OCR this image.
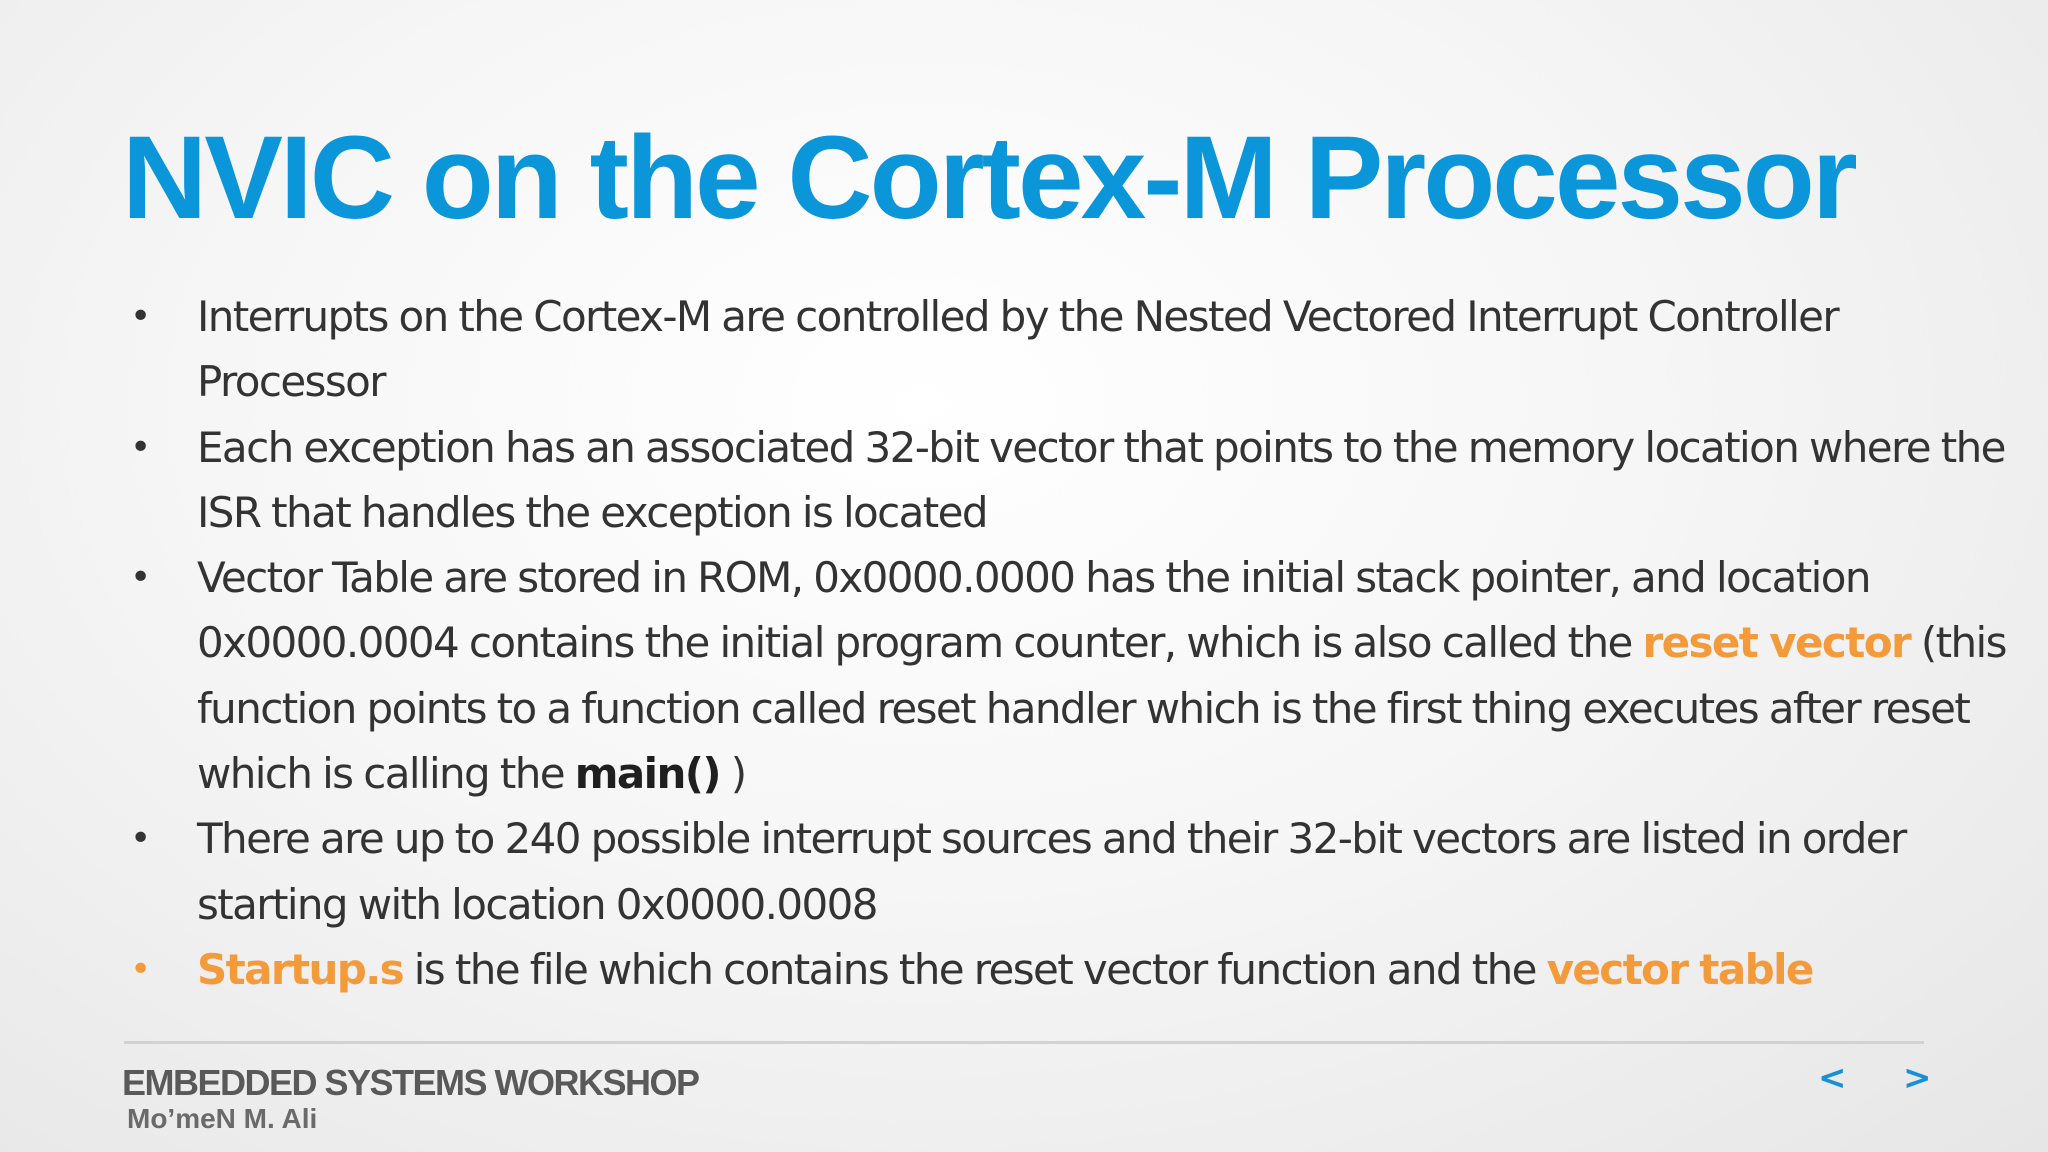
NVIC on the Cortex-M Processor
• Interrupts on the Cortex-M are controlled by the Nested Vectored Interrupt Controller Processor
• Each exception has an associated 32-bit vector that points to the memory location where the ISR that handles the exception is located
• Vector Table are stored in ROM, 0x0000.0000 has the initial stack pointer, and location 0x0000.0004 contains the initial program counter, which is also called the reset vector (this function points to a function called reset handler which is the first thing executes after reset which is calling the main() )
• There are up to 240 possible interrupt sources and their 32-bit vectors are listed in order starting with location 0x0000.0008
• Startup.s is the file which contains the reset vector function and the vector table
EMBEDDED SYSTEMS WORKSHOP
Mo’meN M. Ali
< >
